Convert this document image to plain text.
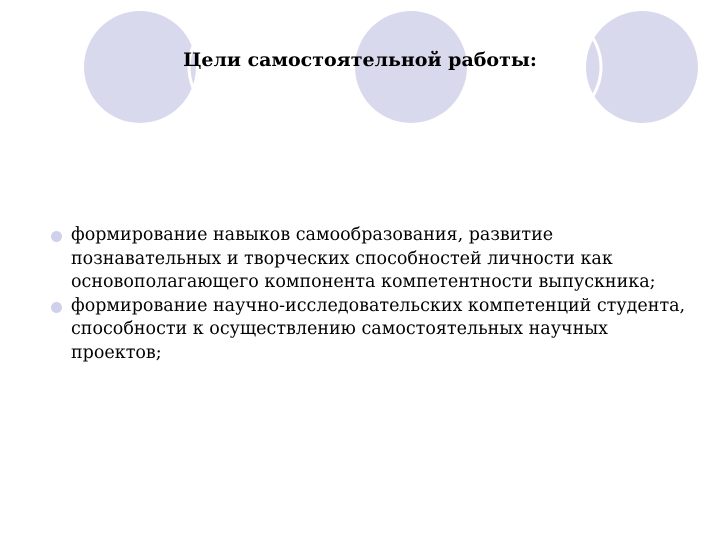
Цели самостоятельной работы:
формирование навыков самообразования, развитие познавательных и творческих способностей личности как основополагающего компонента компетентности выпускника;
формирование научно-исследовательских компетенций студента, способности к осуществлению самостоятельных научных проектов;
